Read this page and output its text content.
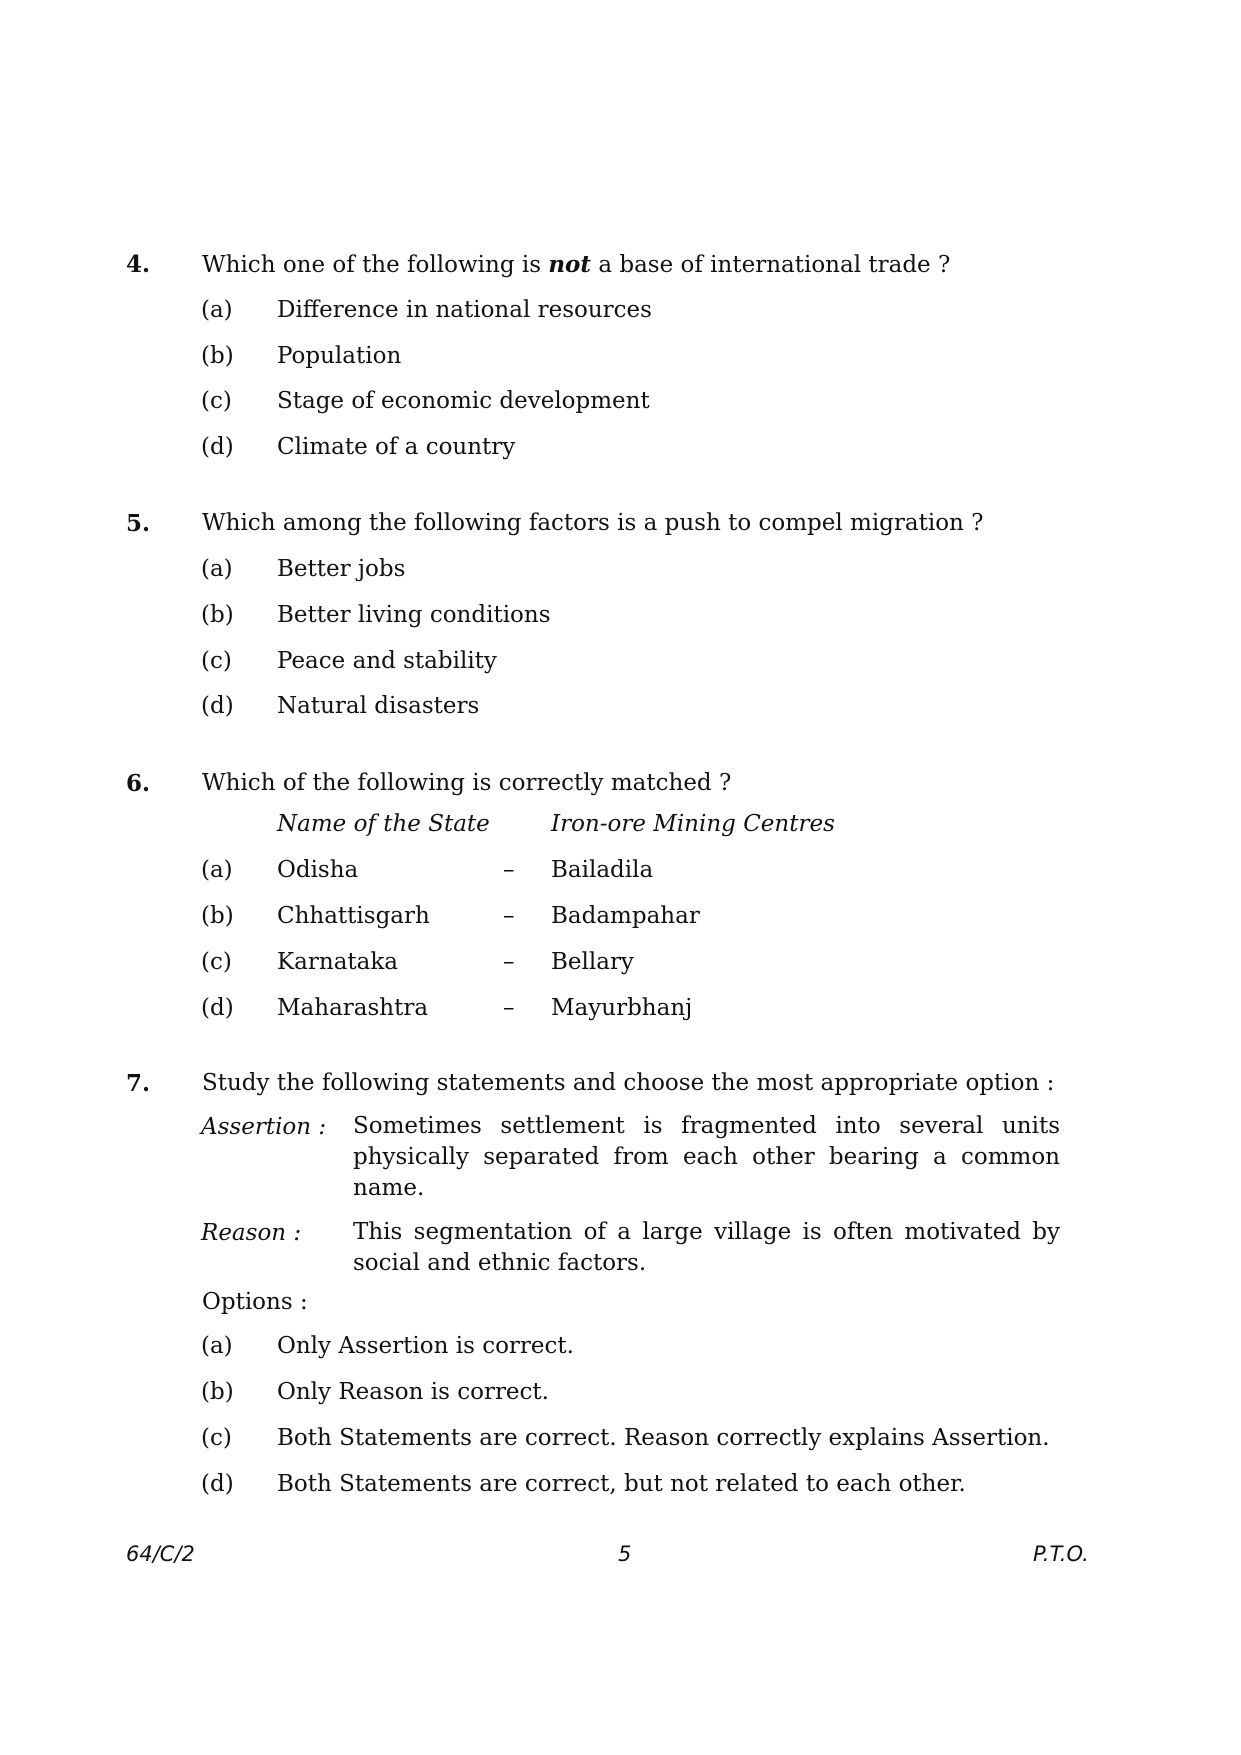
4. Which one of the following is not a base of international trade ?
(a) Difference in national resources
(b) Population
(c) Stage of economic development
(d) Climate of a country
5. Which among the following factors is a push to compel migration ?
(a) Better jobs
(b) Better living conditions
(c) Peace and stability
(d) Natural disasters
6. Which of the following is correctly matched ?
Name of the State	Iron-ore Mining Centres
(a) Odisha	– Bailadila
(b) Chhattisgarh	– Badampahar
(c) Karnataka	– Bellary
(d) Maharashtra	– Mayurbhanj
7. Study the following statements and choose the most appropriate option :
Assertion : Sometimes settlement is fragmented into several units physically separated from each other bearing a common name.
Reason : This segmentation of a large village is often motivated by social and ethnic factors.
Options :
(a) Only Assertion is correct.
(b) Only Reason is correct.
(c) Both Statements are correct. Reason correctly explains Assertion.
(d) Both Statements are correct, but not related to each other.
64/C/2	5	P.T.O.
